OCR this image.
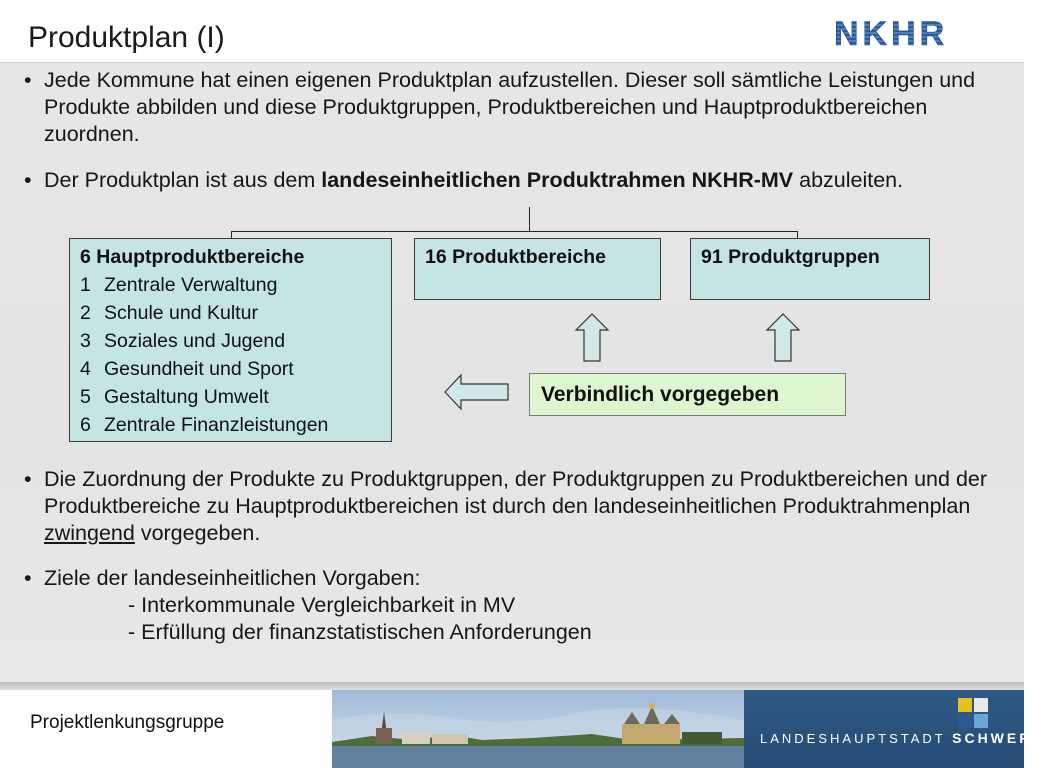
Produktplan (I)	NKHR
• Jede Kommune hat einen eigenen Produktplan aufzustellen. Dieser soll sämtliche Leistungen und Produkte abbilden und diese Produktgruppen, Produktbereichen und Hauptproduktbereichen zuordnen.
• Der Produktplan ist aus dem landeseinheitlichen Produktrahmen NKHR-MV abzuleiten.
6 Hauptproduktbereiche
1 Zentrale Verwaltung
2 Schule und Kultur
3 Soziales und Jugend
4 Gesundheit und Sport
5 Gestaltung Umwelt
6 Zentrale Finanzleistungen
16 Produktbereiche	91 Produktgruppen
Verbindlich vorgegeben
• Die Zuordnung der Produkte zu Produktgruppen, der Produktgruppen zu Produktbereichen und der Produktbereiche zu Hauptproduktbereichen ist durch den landeseinheitlichen Produktrahmenplan zwingend vorgegeben.
• Ziele der landeseinheitlichen Vorgaben:
- Interkommunale Vergleichbarkeit in MV
- Erfüllung der finanzstatistischen Anforderungen
Projektlenkungsgruppe
LANDESHAUPTSTADT SCHWERIN
